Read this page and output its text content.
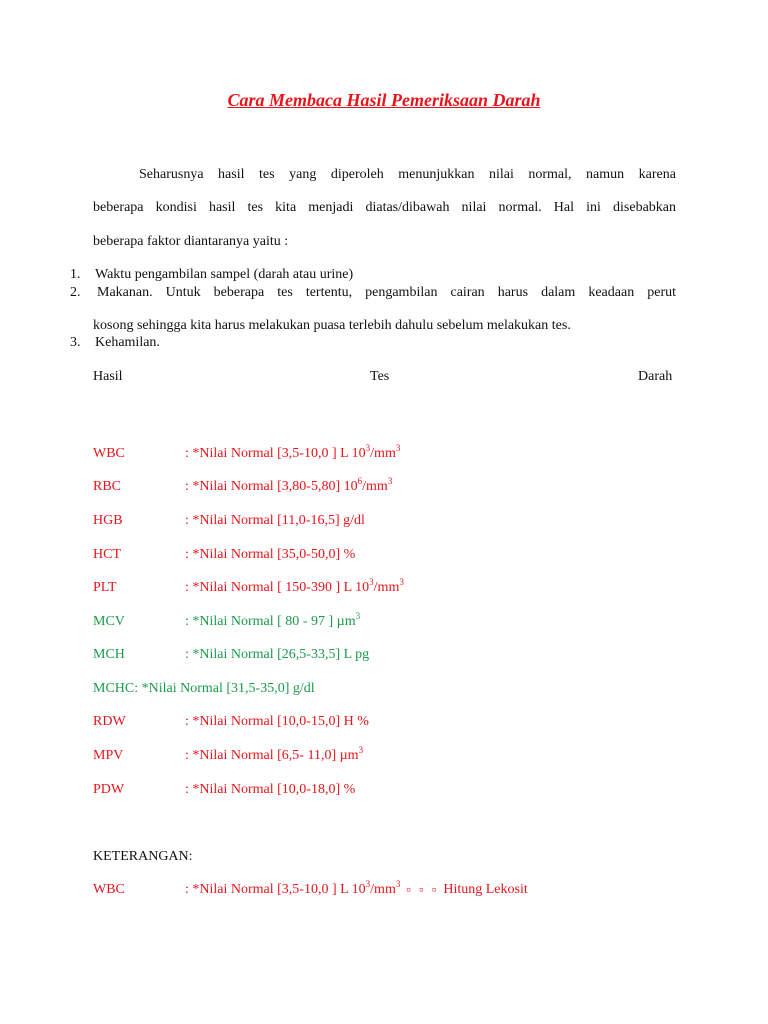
Cara Membaca Hasil Pemeriksaan Darah
Seharusnya hasil tes yang diperoleh menunjukkan nilai normal, namun karena
beberapa kondisi hasil tes kita menjadi diatas/dibawah nilai normal. Hal ini disebabkan
beberapa faktor diantaranya yaitu :
1. Waktu pengambilan sampel (darah atau urine)
2. Makanan. Untuk beberapa tes tertentu, pengambilan cairan harus dalam keadaan perut
kosong sehingga kita harus melakukan puasa terlebih dahulu sebelum melakukan tes.
3. Kehamilan.
Hasil	Tes	Darah
WBC	: *Nilai Normal [3,5-10,0 ] L $10^3/mm^3$
RBC	: *Nilai Normal [3,80-5,80] $10^6/mm^3$
HGB	: *Nilai Normal [11,0-16,5] g/dl
HCT	: *Nilai Normal [35,0-50,0] %
PLT	: *Nilai Normal [ 150-390 ] L $10^3/mm^3$
MCV	: *Nilai Normal [ 80 - 97 ] µm$^3$
MCH	: *Nilai Normal [26,5-33,5] L pg
RDW	: *Nilai Normal [10,0-15,0] H %
MPV	: *Nilai Normal [6,5- 11,0] µm$^3$
PDW	: *Nilai Normal [10,0-18,0] %
MCHC: *Nilai Normal [31,5-35,0] g/dl
KETERANGAN:
WBC	: *Nilai Normal [3,5-10,0 ] L $10^3/mm^3¤$ ¤ ¤ Hitung Lekosit
